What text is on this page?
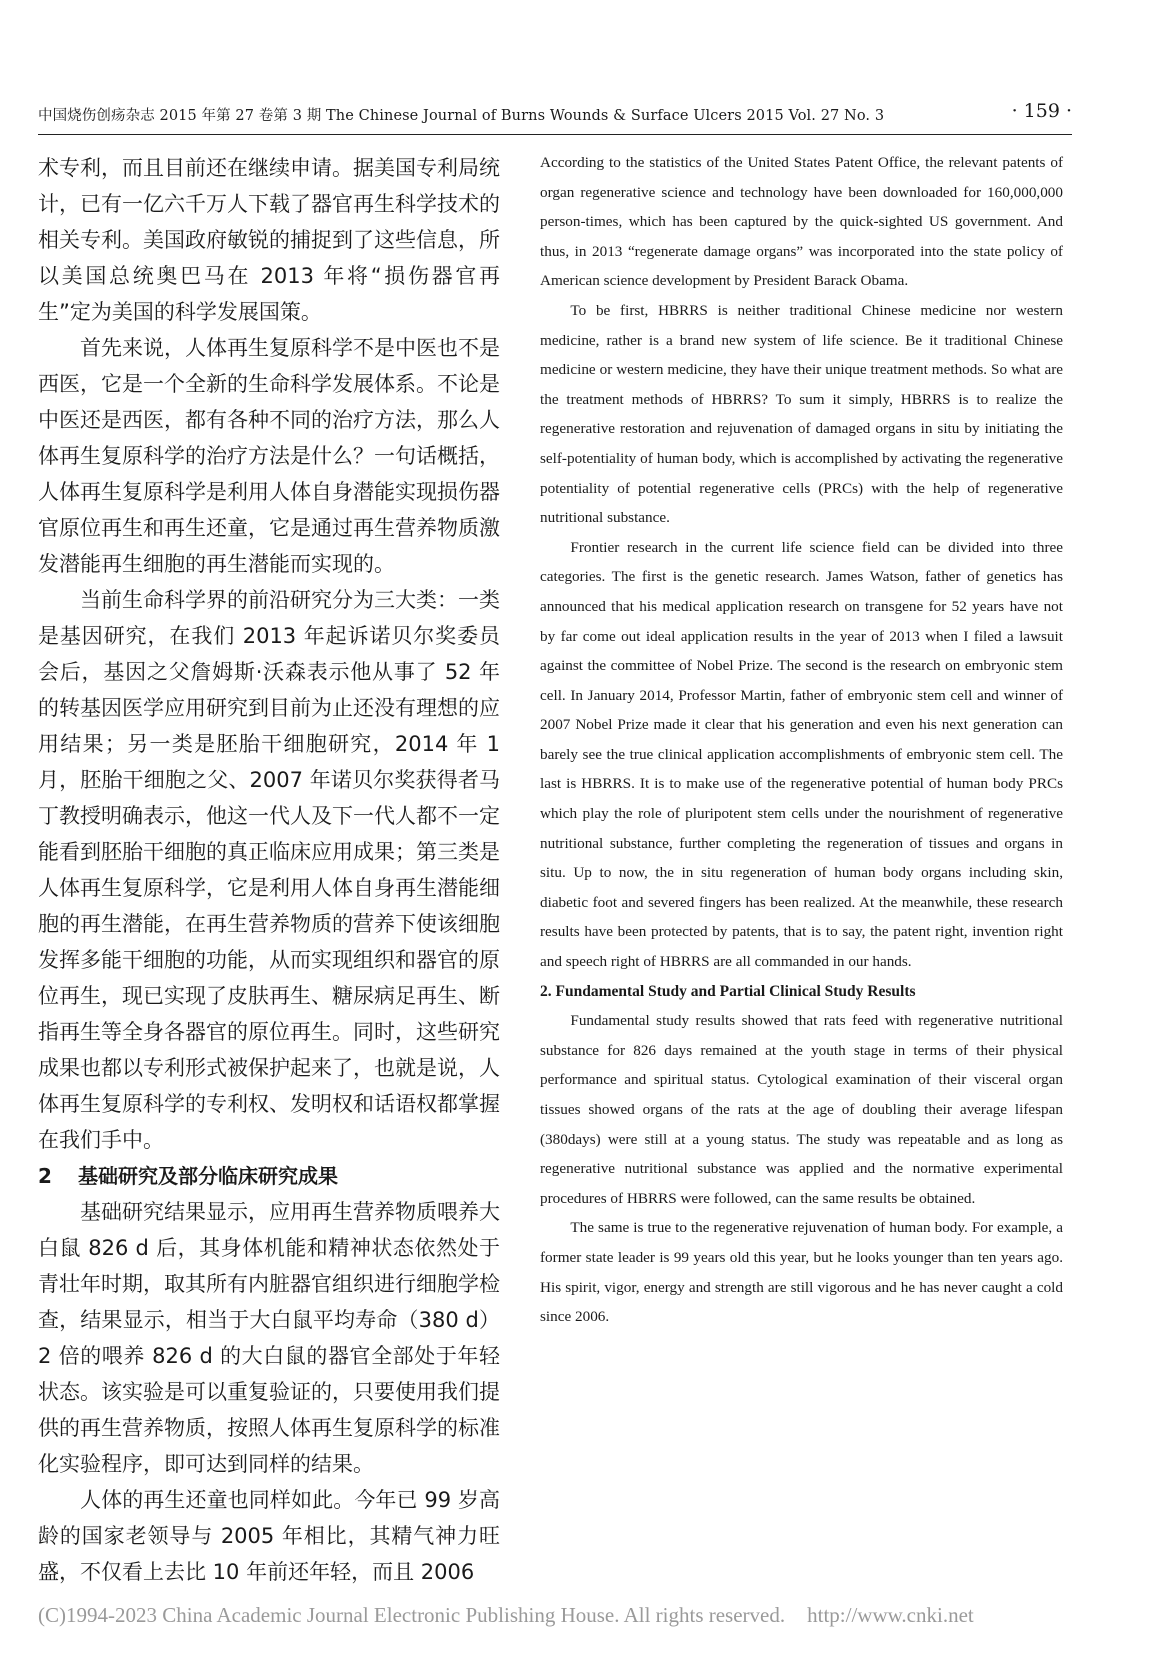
中国烧伤创疡杂志 2015 年第 27 卷第 3 期 The Chinese Journal of Burns Wounds & Surface Ulcers 2015 Vol. 27 No. 3	· 159 ·

术专利，而且目前还在继续申请。据美国专利局统计，已有一亿六千万人下载了器官再生科学技术的相关专利。美国政府敏锐的捕捉到了这些信息，所以美国总统奥巴马在 2013 年将“损伤器官再生”定为美国的科学发展国策。

首先来说，人体再生复原科学不是中医也不是西医，它是一个全新的生命科学发展体系。不论是中医还是西医，都有各种不同的治疗方法，那么人体再生复原科学的治疗方法是什么？一句话概括，人体再生复原科学是利用人体自身潜能实现损伤器官原位再生和再生还童，它是通过再生营养物质激发潜能再生细胞的再生潜能而实现的。

当前生命科学界的前沿研究分为三大类：一类是基因研究，在我们 2013 年起诉诺贝尔奖委员会后，基因之父詹姆斯·沃森表示他从事了 52 年的转基因医学应用研究到目前为止还没有理想的应用结果；另一类是胚胎干细胞研究，2014 年 1 月，胚胎干细胞之父、2007 年诺贝尔奖获得者马丁教授明确表示，他这一代人及下一代人都不一定能看到胚胎干细胞的真正临床应用成果；第三类是人体再生复原科学，它是利用人体自身再生潜能细胞的再生潜能，在再生营养物质的营养下使该细胞发挥多能干细胞的功能，从而实现组织和器官的原位再生，现已实现了皮肤再生、糖尿病足再生、断指再生等全身各器官的原位再生。同时，这些研究成果也都以专利形式被保护起来了，也就是说，人体再生复原科学的专利权、发明权和话语权都掌握在我们手中。

2 基础研究及部分临床研究成果

基础研究结果显示，应用再生营养物质喂养大白鼠 826 d 后，其身体机能和精神状态依然处于青壮年时期，取其所有内脏器官组织进行细胞学检查，结果显示，相当于大白鼠平均寿命（380 d）2 倍的喂养 826 d 的大白鼠的器官全部处于年轻状态。该实验是可以重复验证的，只要使用我们提供的再生营养物质，按照人体再生复原科学的标准化实验程序，即可达到同样的结果。

人体的再生还童也同样如此。今年已 99 岁高龄的国家老领导与 2005 年相比，其精气神力旺盛，不仅看上去比 10 年前还年轻，而且 2006

According to the statistics of the United States Patent Office, the relevant patents of organ regenerative science and technology have been downloaded for 160,000,000 person-times, which has been captured by the quick-sighted US government. And thus, in 2013 “regenerate damage organs” was incorporated into the state policy of American science development by President Barack Obama.

To be first, HBRRS is neither traditional Chinese medicine nor western medicine, rather is a brand new system of life science. Be it traditional Chinese medicine or western medicine, they have their unique treatment methods. So what are the treatment methods of HBRRS? To sum it simply, HBRRS is to realize the regenerative restoration and rejuvenation of damaged organs in situ by initiating the self-potentiality of human body, which is accomplished by activating the regenerative potentiality of potential regenerative cells (PRCs) with the help of regenerative nutritional substance.

Frontier research in the current life science field can be divided into three categories. The first is the genetic research. James Watson, father of genetics has announced that his medical application research on transgene for 52 years have not by far come out ideal application results in the year of 2013 when I filed a lawsuit against the committee of Nobel Prize. The second is the research on embryonic stem cell. In January 2014, Professor Martin, father of embryonic stem cell and winner of 2007 Nobel Prize made it clear that his generation and even his next generation can barely see the true clinical application accomplishments of embryonic stem cell. The last is HBRRS. It is to make use of the regenerative potential of human body PRCs which play the role of pluripotent stem cells under the nourishment of regenerative nutritional substance, further completing the regeneration of tissues and organs in situ. Up to now, the in situ regeneration of human body organs including skin, diabetic foot and severed fingers has been realized. At the meanwhile, these research results have been protected by patents, that is to say, the patent right, invention right and speech right of HBRRS are all commanded in our hands.

2. Fundamental Study and Partial Clinical Study Results

Fundamental study results showed that rats feed with regenerative nutritional substance for 826 days remained at the youth stage in terms of their physical performance and spiritual status. Cytological examination of their visceral organ tissues showed organs of the rats at the age of doubling their average lifespan (380days) were still at a young status. The study was repeatable and as long as regenerative nutritional substance was applied and the normative experimental procedures of HBRRS were followed, can the same results be obtained.

The same is true to the regenerative rejuvenation of human body. For example, a former state leader is 99 years old this year, but he looks younger than ten years ago. His spirit, vigor, energy and strength are still vigorous and he has never caught a cold since 2006.

(C)1994-2023 China Academic Journal Electronic Publishing House. All rights reserved. http://www.cnki.net
